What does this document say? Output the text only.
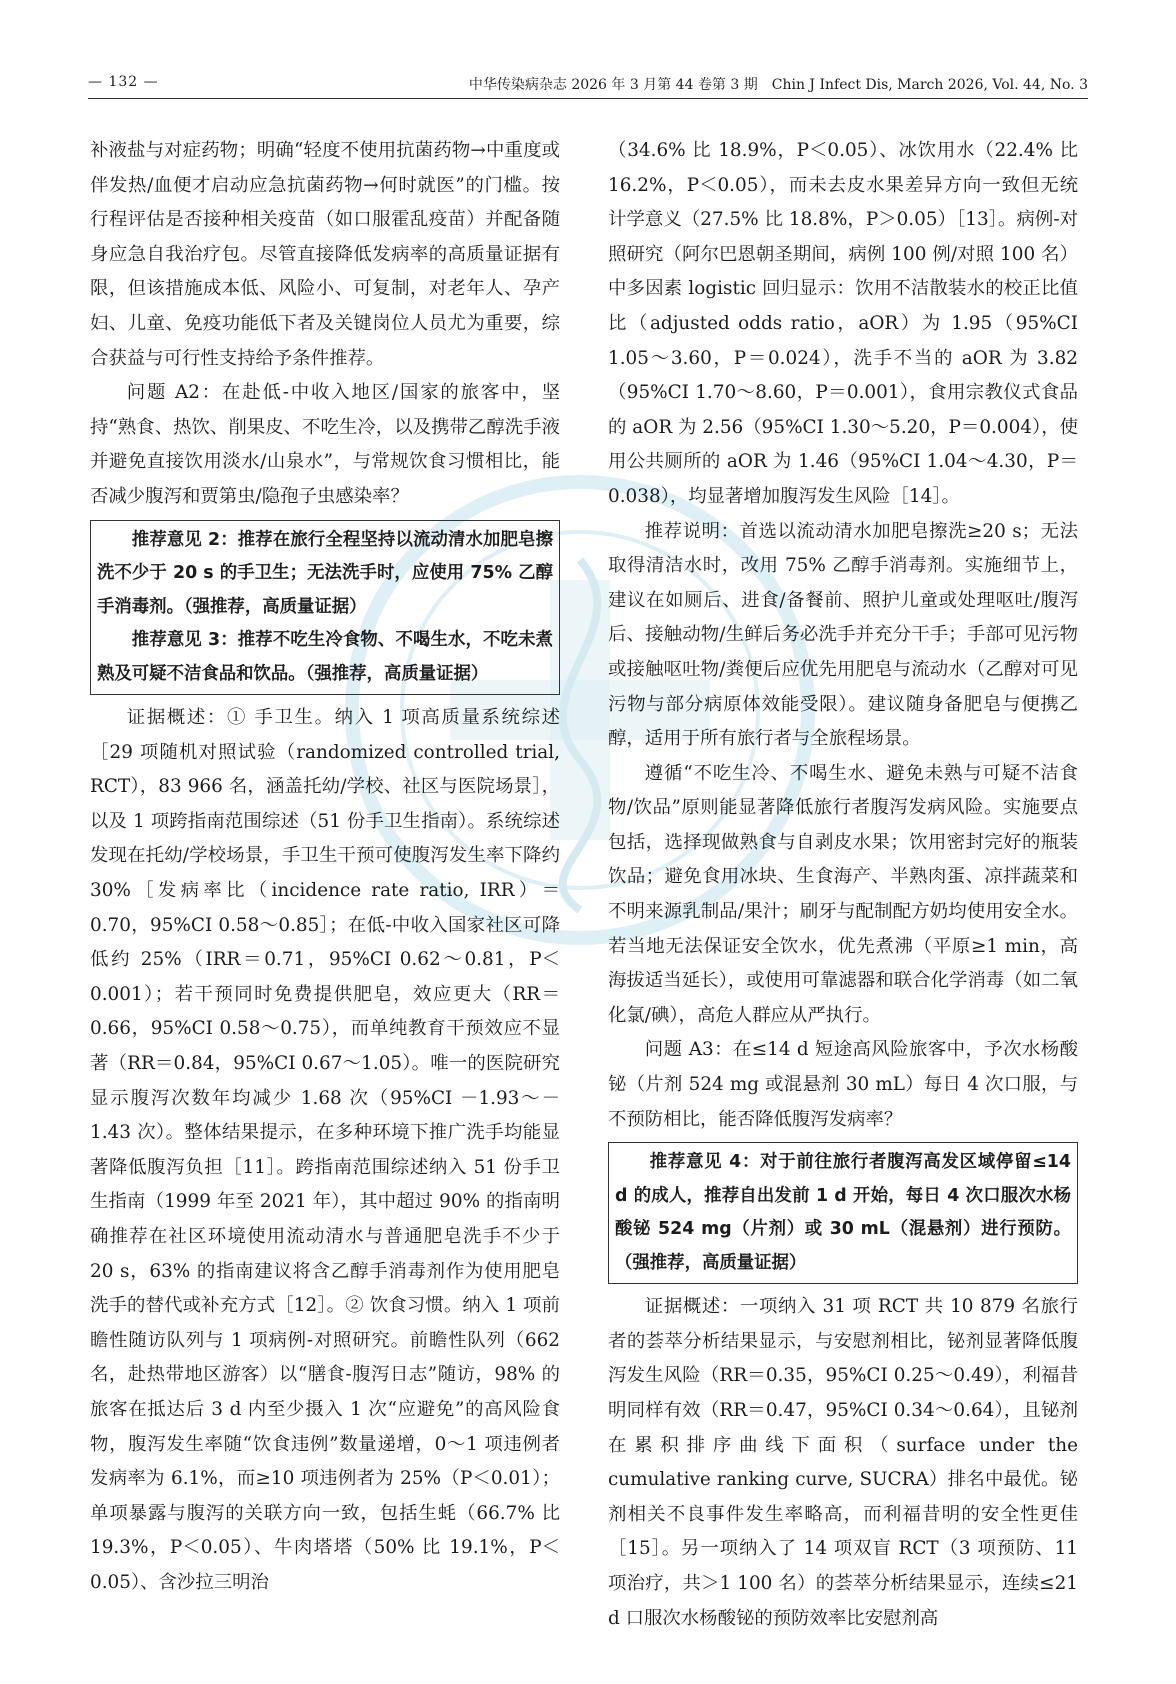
— 132 —	中华传染病杂志 2026 年 3 月第 44 卷第 3 期　Chin J Infect Dis, March 2026, Vol. 44, No. 3

补液盐与对症药物；明确“轻度不使用抗菌药物→中重度或伴发热/血便才启动应急抗菌药物→何时就医”的门槛。按行程评估是否接种相关疫苗（如口服霍乱疫苗）并配备随身应急自我治疗包。尽管直接降低发病率的高质量证据有限，但该措施成本低、风险小、可复制，对老年人、孕产妇、儿童、免疫功能低下者及关键岗位人员尤为重要，综合获益与可行性支持给予条件推荐。

问题 A2：在赴低-中收入地区/国家的旅客中，坚持“熟食、热饮、削果皮、不吃生冷，以及携带乙醇洗手液并避免直接饮用淡水/山泉水”，与常规饮食习惯相比，能否减少腹泻和贾第虫/隐孢子虫感染率？

推荐意见 2：推荐在旅行全程坚持以流动清水加肥皂擦洗不少于 20 s 的手卫生；无法洗手时，应使用 75% 乙醇手消毒剂。（强推荐，高质量证据）

推荐意见 3：推荐不吃生冷食物、不喝生水，不吃未煮熟及可疑不洁食品和饮品。（强推荐，高质量证据）

证据概述：① 手卫生。纳入 1 项高质量系统综述［29 项随机对照试验（randomized controlled trial, RCT），83 966 名，涵盖托幼/学校、社区与医院场景］，以及 1 项跨指南范围综述（51 份手卫生指南）。系统综述发现在托幼/学校场景，手卫生干预可使腹泻发生率下降约 30%［发病率比（incidence rate ratio, IRR）＝0.70，95%CI 0.58～0.85］；在低-中收入国家社区可降低约 25%（IRR＝0.71，95%CI 0.62～0.81，P＜0.001）；若干预同时免费提供肥皂，效应更大（RR＝0.66，95%CI 0.58～0.75），而单纯教育干预效应不显著（RR＝0.84，95%CI 0.67～1.05）。唯一的医院研究显示腹泻次数年均减少 1.68 次（95%CI －1.93～－1.43 次）。整体结果提示，在多种环境下推广洗手均能显著降低腹泻负担［11］。跨指南范围综述纳入 51 份手卫生指南（1999 年至 2021 年），其中超过 90% 的指南明确推荐在社区环境使用流动清水与普通肥皂洗手不少于 20 s，63% 的指南建议将含乙醇手消毒剂作为使用肥皂洗手的替代或补充方式［12］。② 饮食习惯。纳入 1 项前瞻性随访队列与 1 项病例-对照研究。前瞻性队列（662 名，赴热带地区游客）以“膳食-腹泻日志”随访，98% 的旅客在抵达后 3 d 内至少摄入 1 次“应避免”的高风险食物，腹泻发生率随“饮食违例”数量递增，0～1 项违例者发病率为 6.1%，而≥10 项违例者为 25%（P＜0.01）；单项暴露与腹泻的关联方向一致，包括生蚝（66.7% 比 19.3%，P＜0.05）、牛肉塔塔（50% 比 19.1%，P＜0.05）、含沙拉三明治

（34.6% 比 18.9%，P＜0.05）、冰饮用水（22.4% 比 16.2%，P＜0.05），而未去皮水果差异方向一致但无统计学意义（27.5% 比 18.8%，P＞0.05）［13］。病例-对照研究（阿尔巴恩朝圣期间，病例 100 例/对照 100 名）中多因素 logistic 回归显示：饮用不洁散装水的校正比值比（adjusted odds ratio，aOR）为 1.95（95%CI 1.05～3.60，P＝0.024），洗手不当的 aOR 为 3.82（95%CI 1.70～8.60，P＝0.001），食用宗教仪式食品的 aOR 为 2.56（95%CI 1.30～5.20，P＝0.004），使用公共厕所的 aOR 为 1.46（95%CI 1.04～4.30，P＝0.038），均显著增加腹泻发生风险［14］。

推荐说明：首选以流动清水加肥皂擦洗≥20 s；无法取得清洁水时，改用 75% 乙醇手消毒剂。实施细节上，建议在如厕后、进食/备餐前、照护儿童或处理呕吐/腹泻后、接触动物/生鲜后务必洗手并充分干手；手部可见污物或接触呕吐物/粪便后应优先用肥皂与流动水（乙醇对可见污物与部分病原体效能受限）。建议随身备肥皂与便携乙醇，适用于所有旅行者与全旅程场景。

遵循“不吃生冷、不喝生水、避免未熟与可疑不洁食物/饮品”原则能显著降低旅行者腹泻发病风险。实施要点包括，选择现做熟食与自剥皮水果；饮用密封完好的瓶装饮品；避免食用冰块、生食海产、半熟肉蛋、凉拌蔬菜和不明来源乳制品/果汁；刷牙与配制配方奶均使用安全水。若当地无法保证安全饮水，优先煮沸（平原≥1 min，高海拔适当延长），或使用可靠滤器和联合化学消毒（如二氧化氯/碘），高危人群应从严执行。

问题 A3：在≤14 d 短途高风险旅客中，予次水杨酸铋（片剂 524 mg 或混悬剂 30 mL）每日 4 次口服，与不预防相比，能否降低腹泻发病率？

推荐意见 4：对于前往旅行者腹泻高发区域停留≤14 d 的成人，推荐自出发前 1 d 开始，每日 4 次口服次水杨酸铋 524 mg（片剂）或 30 mL（混悬剂）进行预防。（强推荐，高质量证据）

证据概述：一项纳入 31 项 RCT 共 10 879 名旅行者的荟萃分析结果显示，与安慰剂相比，铋剂显著降低腹泻发生风险（RR＝0.35，95%CI 0.25～0.49），利福昔明同样有效（RR＝0.47，95%CI 0.34～0.64），且铋剂在累积排序曲线下面积（surface under the cumulative ranking curve, SUCRA）排名中最优。铋剂相关不良事件发生率略高，而利福昔明的安全性更佳［15］。另一项纳入了 14 项双盲 RCT（3 项预防、11 项治疗，共＞1 100 名）的荟萃分析结果显示，连续≤21 d 口服次水杨酸铋的预防效率比安慰剂高
